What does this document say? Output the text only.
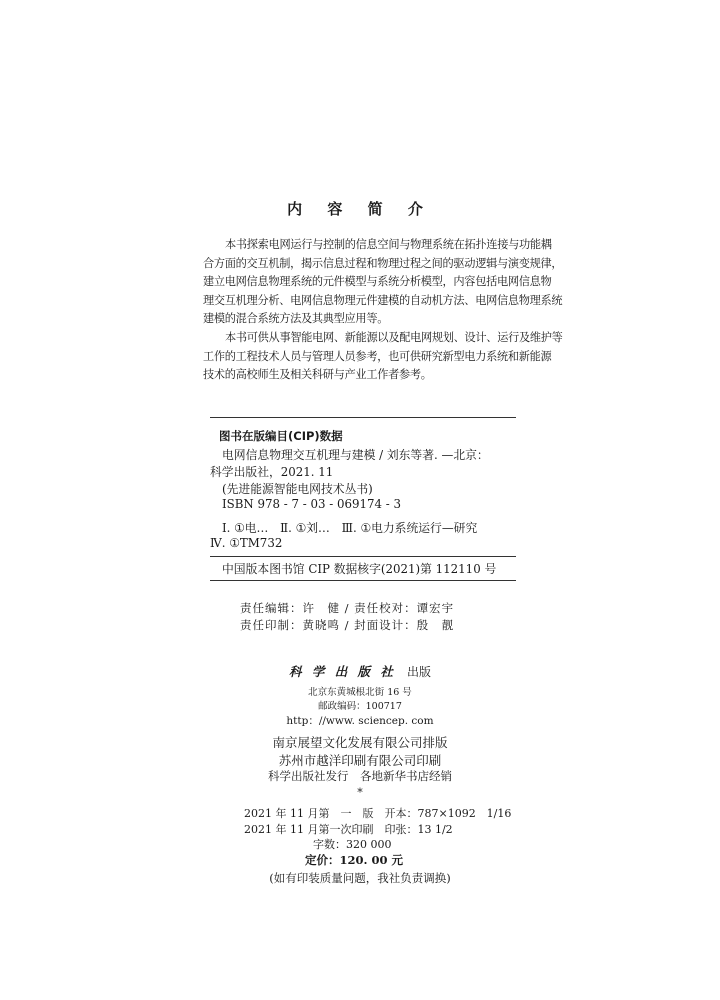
内 容 简 介
本书探索电网运行与控制的信息空间与物理系统在拓扑连接与功能耦
合方面的交互机制，揭示信息过程和物理过程之间的驱动逻辑与演变规律，
建立电网信息物理系统的元件模型与系统分析模型，内容包括电网信息物
理交互机理分析、电网信息物理元件建模的自动机方法、电网信息物理系统
建模的混合系统方法及其典型应用等。
本书可供从事智能电网、新能源以及配电网规划、设计、运行及维护等
工作的工程技术人员与管理人员参考，也可供研究新型电力系统和新能源
技术的高校师生及相关科研与产业工作者参考。
图书在版编目(CIP)数据
电网信息物理交互机理与建模 / 刘东等著. —北京：
科学出版社，2021. 11
(先进能源智能电网技术丛书)
ISBN 978 - 7 - 03 - 069174 - 3
Ⅰ. ①电…　Ⅱ. ①刘…　Ⅲ. ①电力系统运行—研究
Ⅳ. ①TM732
中国版本图书馆 CIP 数据核字(2021)第 112110 号
责任编辑：许　健 / 责任校对：谭宏宇
责任印制：黄晓鸣 / 封面设计：殷　靓
科 学 出 版 社 出版
北京东黄城根北街 16 号
邮政编码：100717
http：//www. sciencep. com
南京展望文化发展有限公司排版
苏州市越洋印刷有限公司印刷
科学出版社发行　各地新华书店经销
*
2021 年 11 月第　一　版　开本：787×1092　1/16
2021 年 11 月第一次印刷　印张：13 1/2
字数：320 000
定价：120. 00 元
(如有印装质量问题，我社负责调换)
